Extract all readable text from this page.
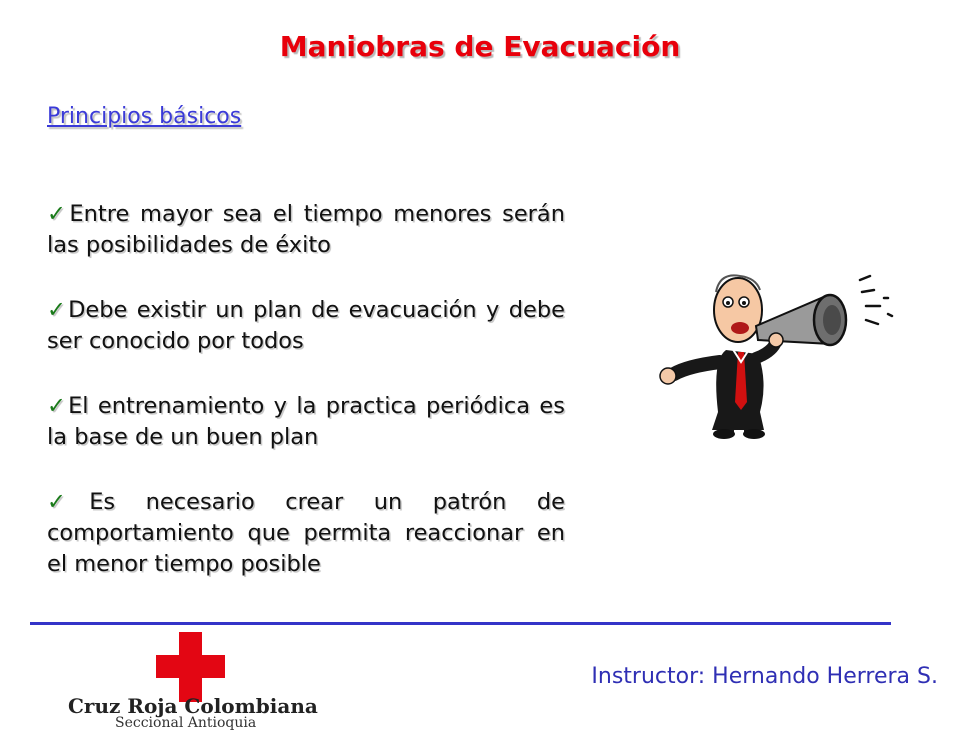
Maniobras de Evacuación
Principios básicos
✓Entre mayor sea el tiempo menores serán las posibilidades de éxito
✓Debe existir un plan de evacuación y debe ser conocido por todos
✓El entrenamiento y la practica periódica es la base de un buen plan
✓Es necesario crear un patrón de comportamiento que permita reaccionar en el menor tiempo posible
Cruz Roja Colombiana
Seccional Antioquia
Instructor: Hernando Herrera S.
